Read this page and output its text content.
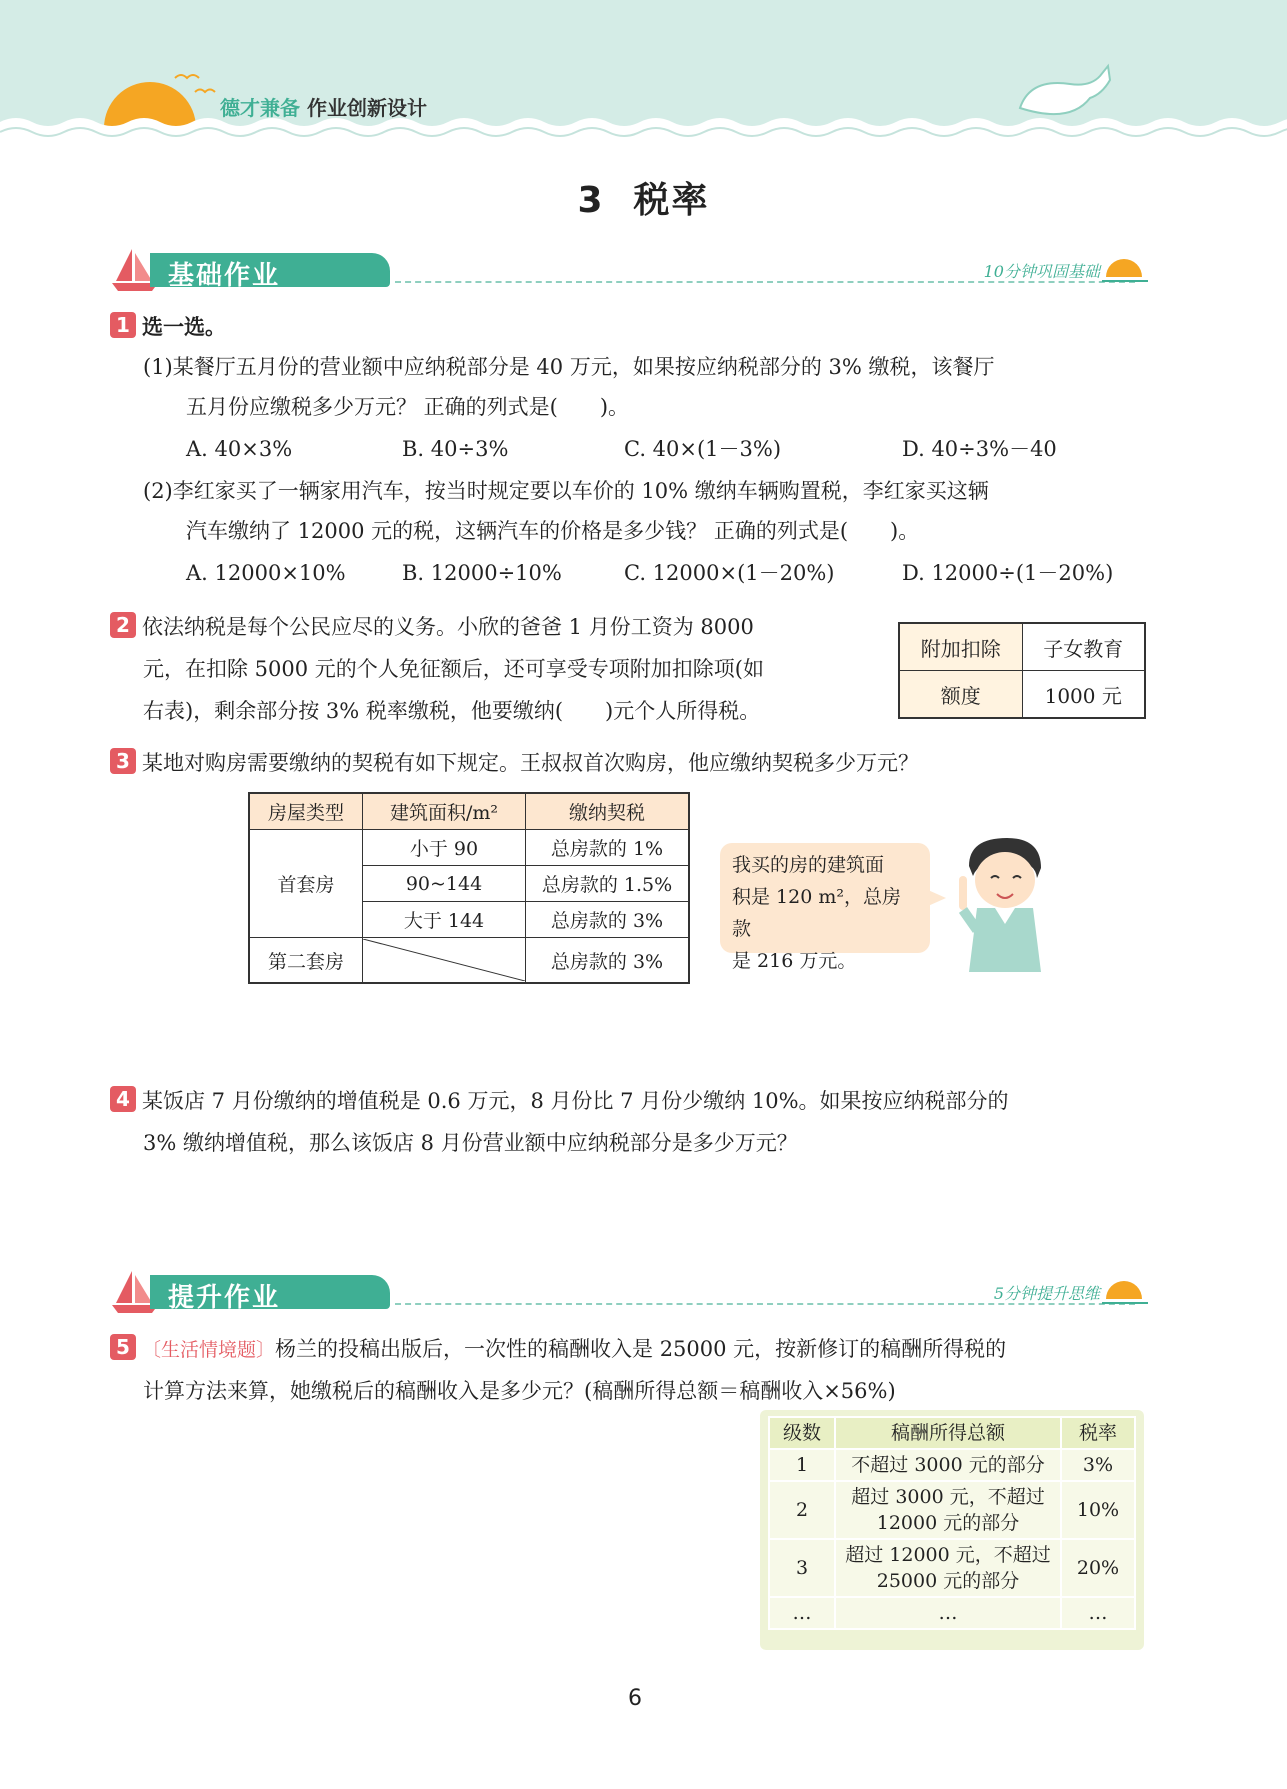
德才兼备 作业创新设计
3  税率
基础作业	10分钟巩固基础
1 选一选。
(1)某餐厅五月份的营业额中应纳税部分是 40 万元，如果按应纳税部分的 3% 缴税，该餐厅
五月份应缴税多少万元？ 正确的列式是(　　)。
A. 40×3%	B. 40÷3%	C. 40×(1－3%)	D. 40÷3%－40
(2)李红家买了一辆家用汽车，按当时规定要以车价的 10% 缴纳车辆购置税，李红家买这辆
汽车缴纳了 12000 元的税，这辆汽车的价格是多少钱？ 正确的列式是(　　)。
A. 12000×10%	B. 12000÷10%	C. 12000×(1－20%)	D. 12000÷(1－20%)
2 依法纳税是每个公民应尽的义务。小欣的爸爸 1 月份工资为 8000
元，在扣除 5000 元的个人免征额后，还可享受专项附加扣除项(如
右表)，剩余部分按 3% 税率缴税，他要缴纳(　　)元个人所得税。
附加扣除	子女教育
额度	1000 元
3 某地对购房需要缴纳的契税有如下规定。王叔叔首次购房，他应缴纳契税多少万元？
房屋类型	建筑面积/m²	缴纳契税
首套房	小于 90	总房款的 1%
	90~144	总房款的 1.5%
	大于 144	总房款的 3%
第二套房		总房款的 3%
我买的房的建筑面
积是 120 m²，总房款
是 216 万元。
4 某饭店 7 月份缴纳的增值税是 0.6 万元，8 月份比 7 月份少缴纳 10%。如果按应纳税部分的
3% 缴纳增值税，那么该饭店 8 月份营业额中应纳税部分是多少万元？
提升作业	5分钟提升思维
5 〔生活情境题〕杨兰的投稿出版后，一次性的稿酬收入是 25000 元，按新修订的稿酬所得税的
计算方法来算，她缴税后的稿酬收入是多少元？(稿酬所得总额＝稿酬收入×56%)
级数	稿酬所得总额	税率
1	不超过 3000 元的部分	3%
2	超过 3000 元，不超过
12000 元的部分	10%
3	超过 12000 元，不超过
25000 元的部分	20%
…	…	…
6
